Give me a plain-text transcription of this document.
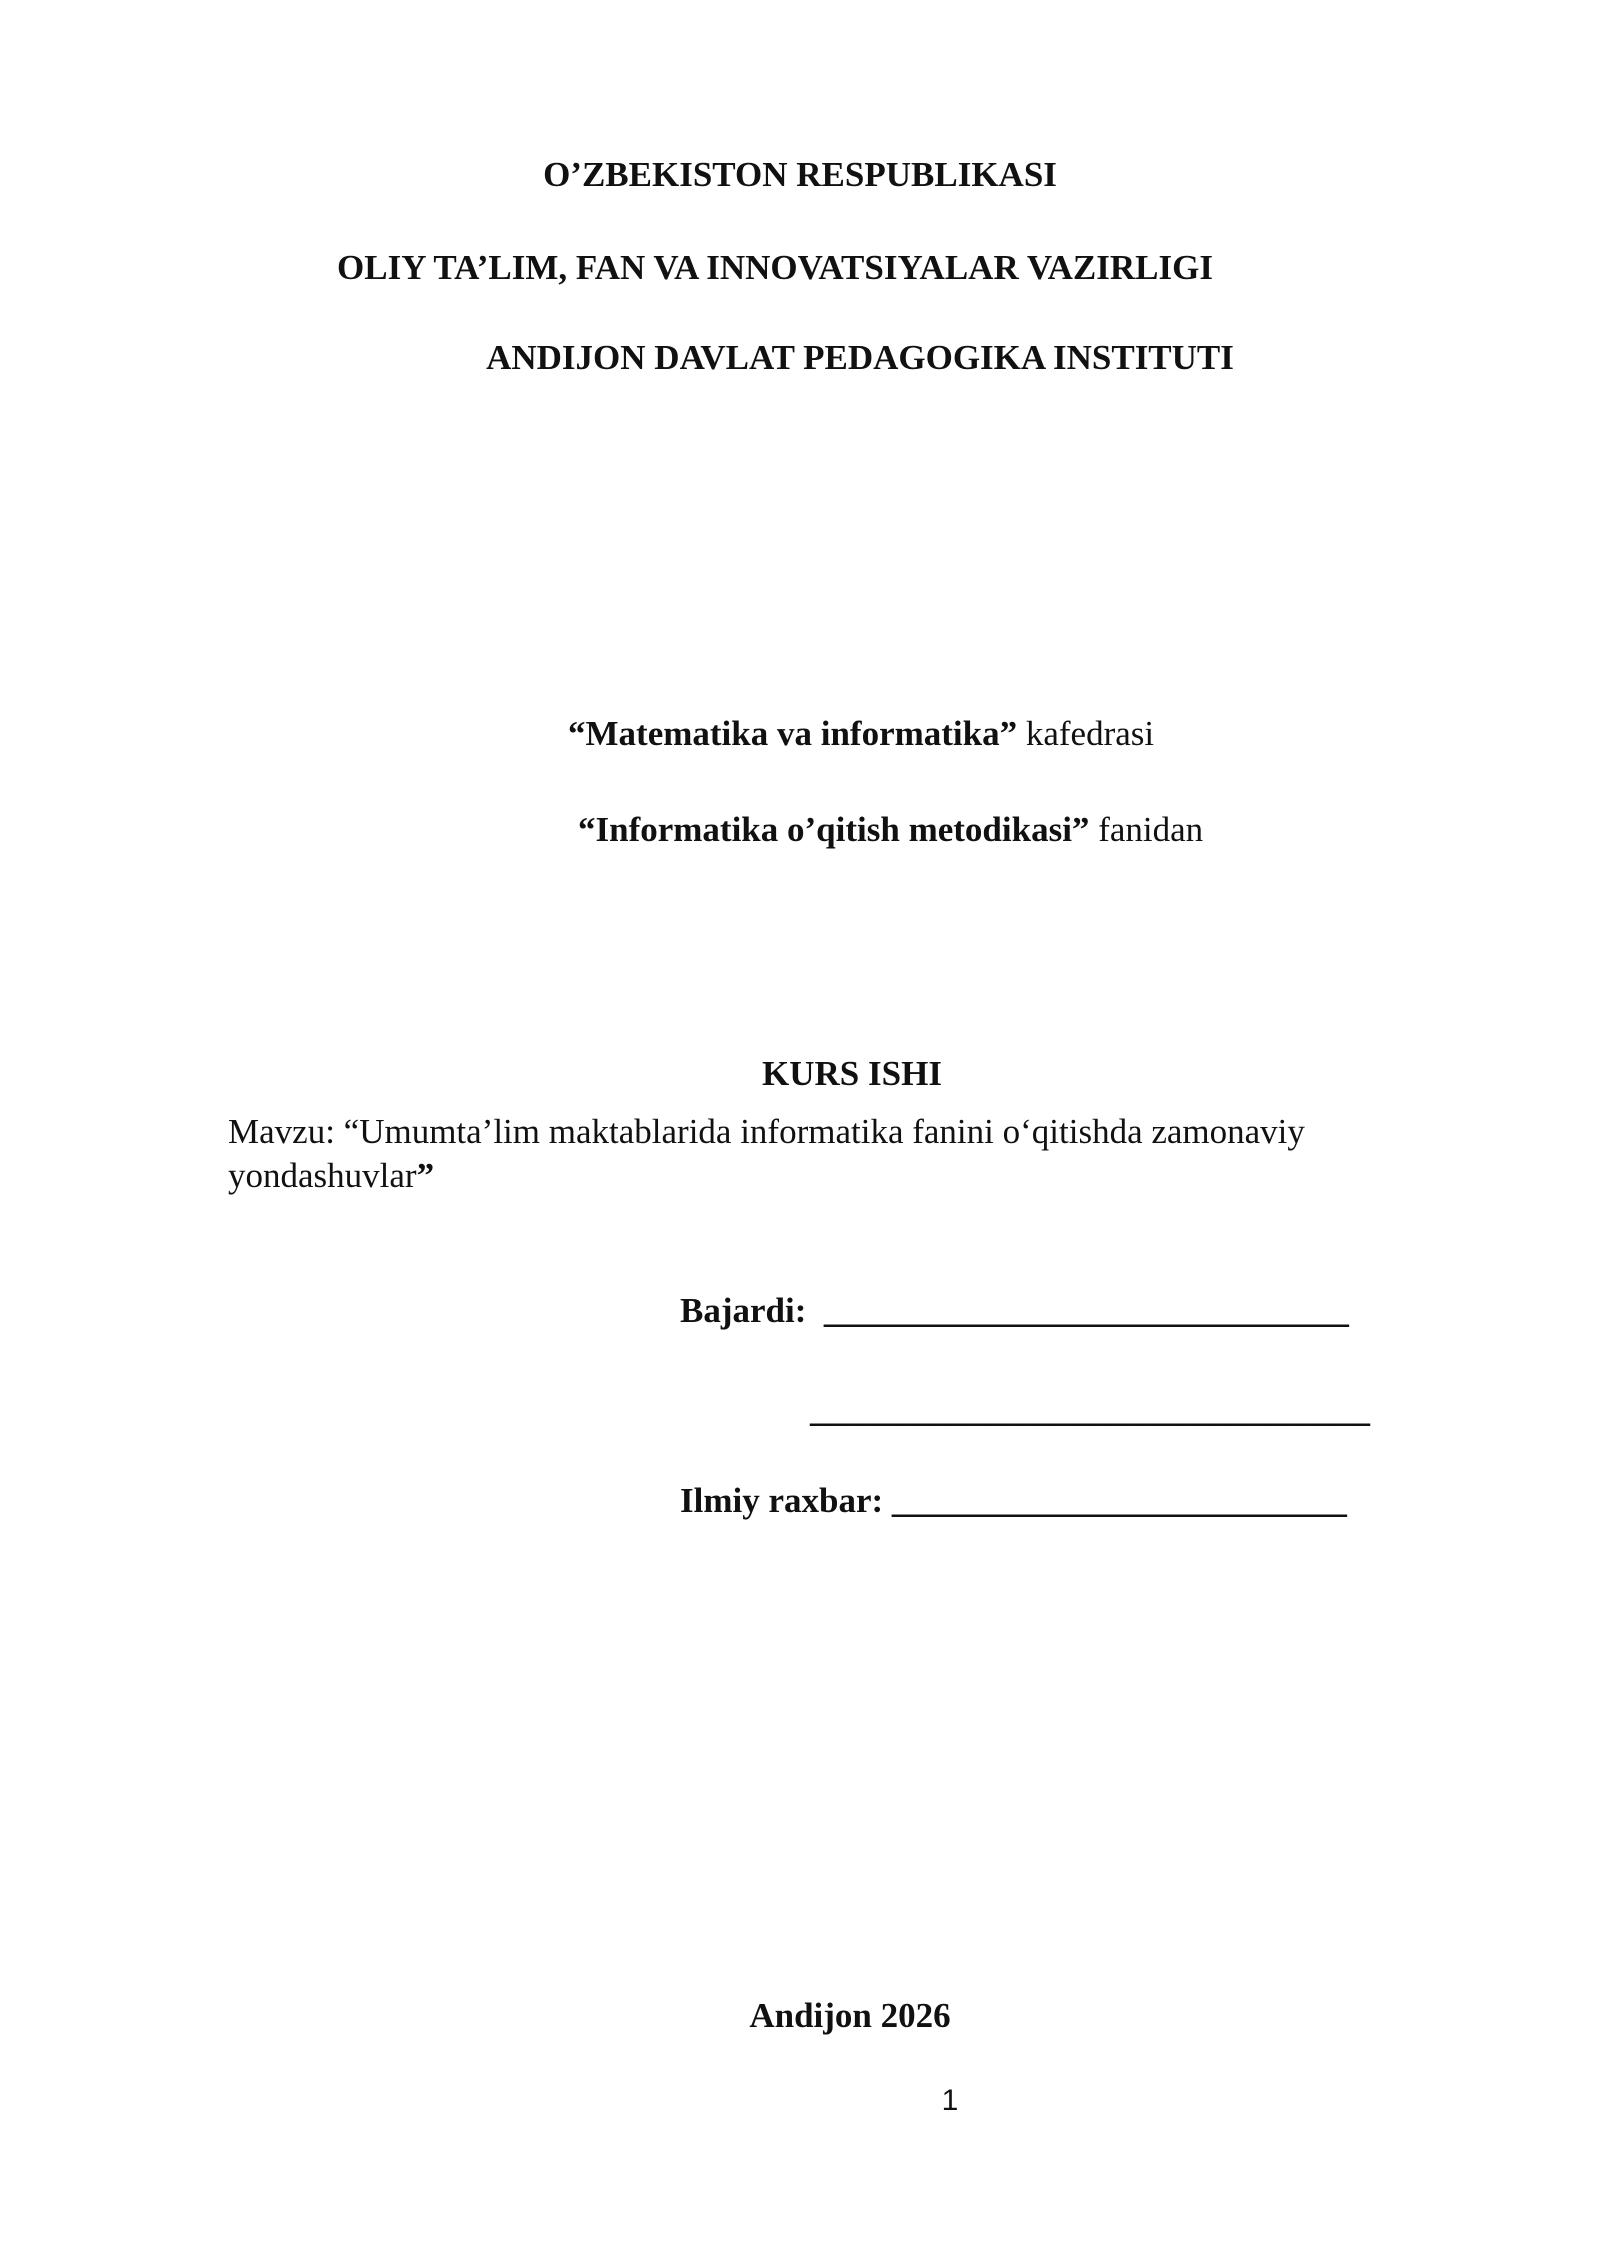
O’ZBEKISTON RESPUBLIKASI
OLIY TA’LIM, FAN VA INNOVATSIYALAR VAZIRLIGI
ANDIJON DAVLAT PEDAGOGIKA INSTITUTI
“Matematika va informatika” kafedrasi
“Informatika o’qitish metodikasi” fanidan
KURS ISHI
Mavzu: “Umumta’lim maktablarida informatika fanini o‘qitishda zamonaviy yondashuvlar”
Bajardi: ______________________________
________________________________
Ilmiy raxbar: __________________________
Andijon 2026
1
